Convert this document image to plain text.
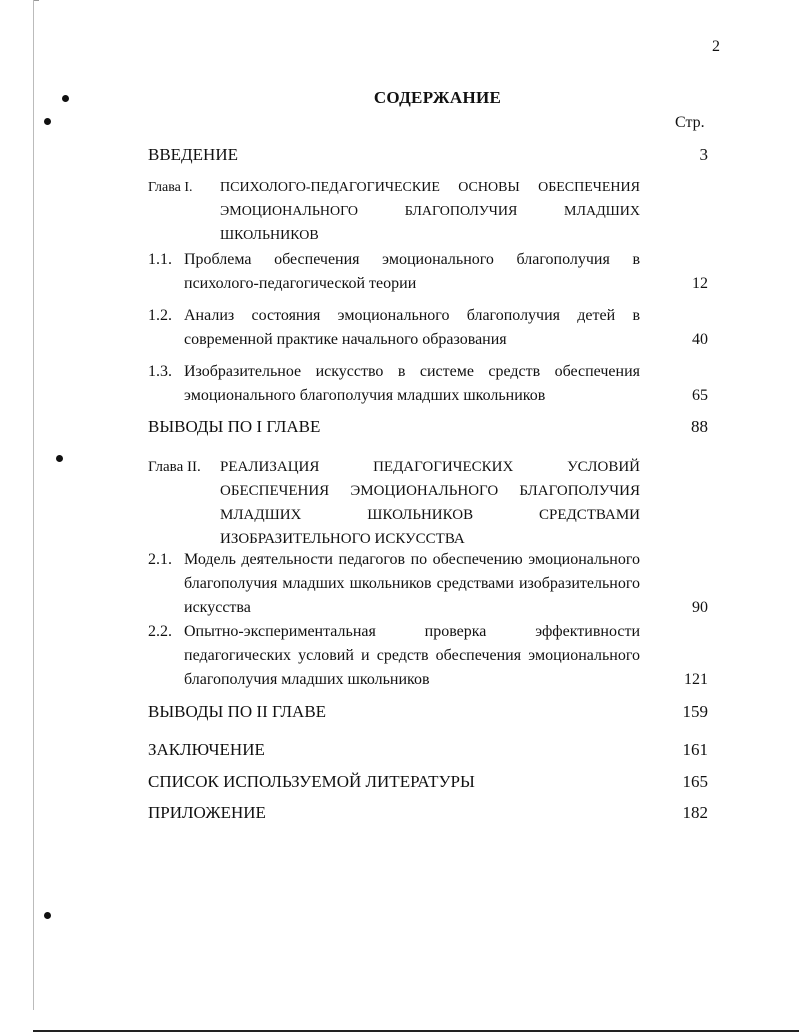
2
СОДЕРЖАНИЕ
Стр.
ВВЕДЕНИЕ	3
Глава I. ПСИХОЛОГО-ПЕДАГОГИЧЕСКИЕ ОСНОВЫ ОБЕСПЕЧЕНИЯ ЭМОЦИОНАЛЬНОГО БЛАГОПОЛУЧИЯ МЛАДШИХ ШКОЛЬНИКОВ
1.1. Проблема обеспечения эмоционального благополучия в психолого-педагогической теории	12
1.2. Анализ состояния эмоционального благополучия детей в современной практике начального образования	40
1.3. Изобразительное искусство в системе средств обеспечения эмоционального благополучия младших школьников	65
ВЫВОДЫ ПО I ГЛАВЕ	88
Глава II. РЕАЛИЗАЦИЯ ПЕДАГОГИЧЕСКИХ УСЛОВИЙ ОБЕСПЕЧЕНИЯ ЭМОЦИОНАЛЬНОГО БЛАГОПОЛУЧИЯ МЛАДШИХ ШКОЛЬНИКОВ СРЕДСТВАМИ ИЗОБРАЗИТЕЛЬНОГО ИСКУССТВА
2.1. Модель деятельности педагогов по обеспечению эмоционального благополучия младших школьников средствами изобразительного искусства	90
2.2. Опытно-экспериментальная проверка эффективности педагогических условий и средств обеспечения эмоционального благополучия младших школьников	121
ВЫВОДЫ ПО II ГЛАВЕ	159
ЗАКЛЮЧЕНИЕ	161
СПИСОК ИСПОЛЬЗУЕМОЙ ЛИТЕРАТУРЫ	165
ПРИЛОЖЕНИЕ	182
